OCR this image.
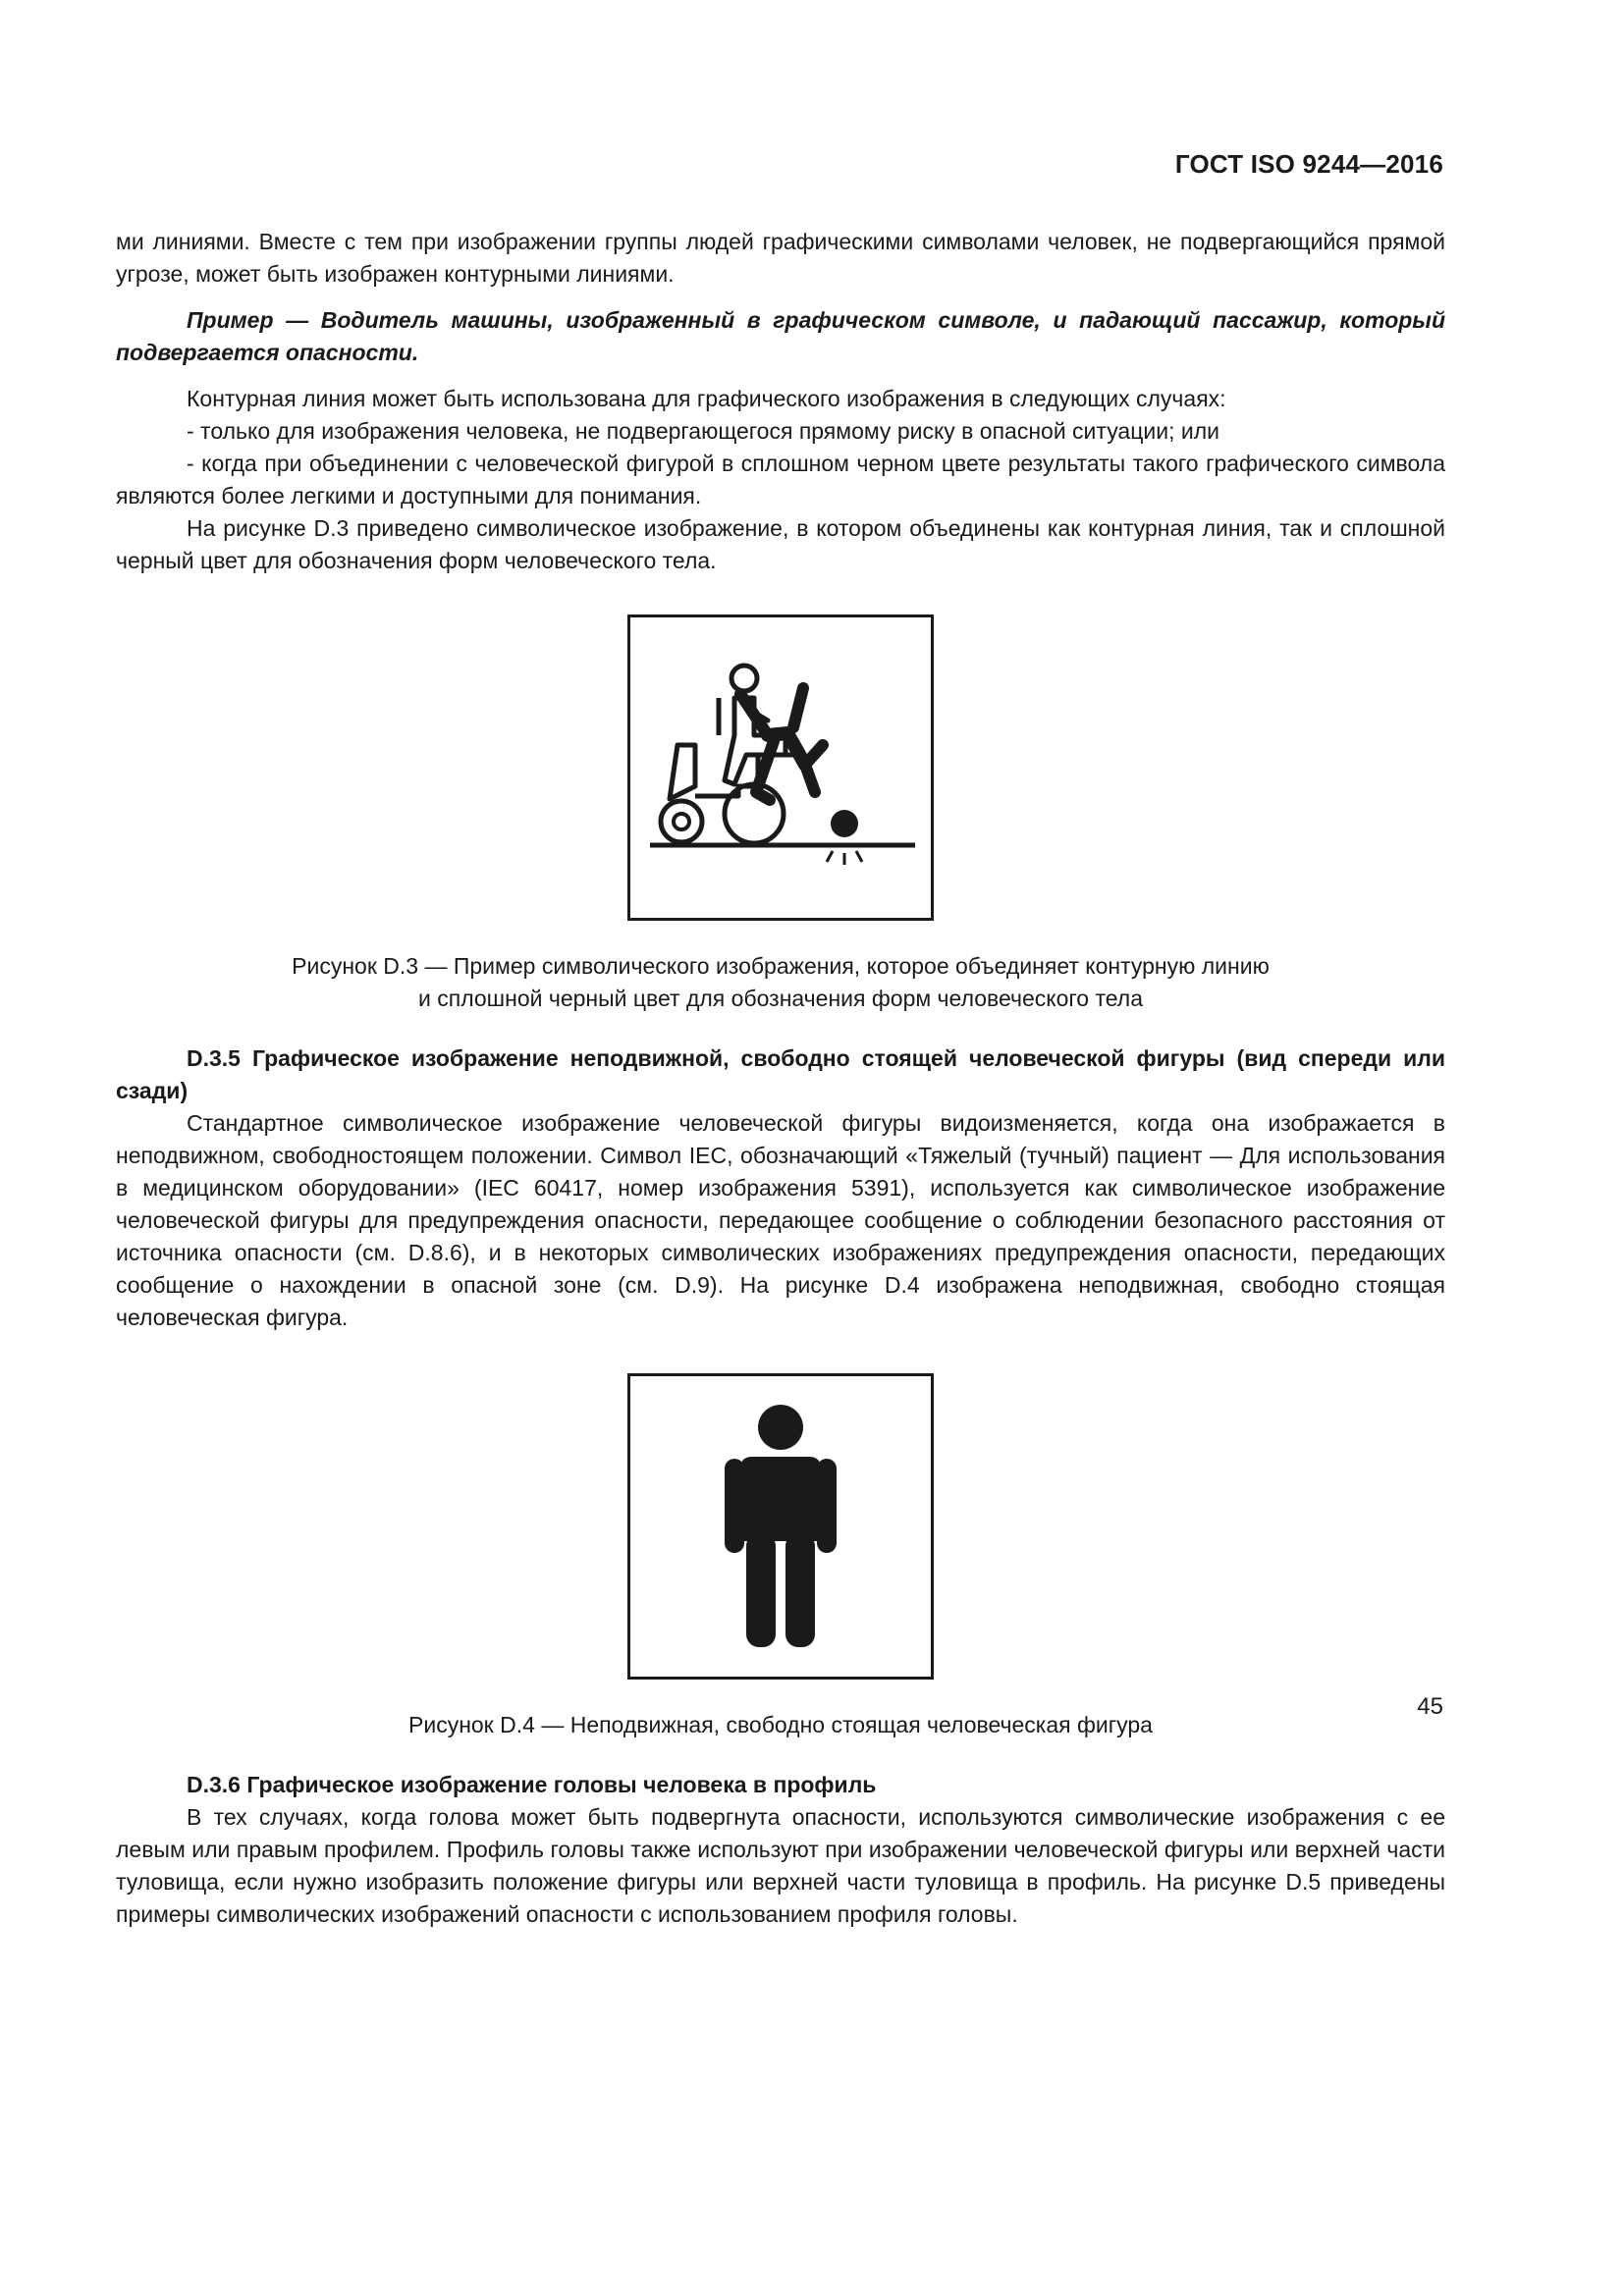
ГОСТ ISO 9244—2016

ми линиями. Вместе с тем при изображении группы людей графическими символами человек, не подвергающийся прямой угрозе, может быть изображен контурными линиями.

Пример — Водитель машины, изображенный в графическом символе, и падающий пассажир, который подвергается опасности.

Контурная линия может быть использована для графического изображения в следующих случаях:

- только для изображения человека, не подвергающегося прямому риску в опасной ситуации; или

- когда при объединении с человеческой фигурой в сплошном черном цвете результаты такого графического символа являются более легкими и доступными для понимания.

На рисунке D.3 приведено символическое изображение, в котором объединены как контурная линия, так и сплошной черный цвет для обозначения форм человеческого тела.

Рисунок D.3 — Пример символического изображения, которое объединяет контурную линию

и сплошной черный цвет для обозначения форм человеческого тела

D.3.5 Графическое изображение неподвижной, свободно стоящей человеческой фигуры (вид спереди или сзади)

Стандартное символическое изображение человеческой фигуры видоизменяется, когда она изображается в неподвижном, свободностоящем положении. Символ IEC, обозначающий «Тяжелый (тучный) пациент — Для использования в медицинском оборудовании» (IEC 60417, номер изображения 5391), используется как символическое изображение человеческой фигуры для предупреждения опасности, передающее сообщение о соблюдении безопасного расстояния от источника опасности (см. D.8.6), и в некоторых символических изображениях предупреждения опасности, передающих сообщение о нахождении в опасной зоне (см. D.9). На рисунке D.4 изображена неподвижная, свободно стоящая человеческая фигура.

Рисунок D.4 — Неподвижная, свободно стоящая человеческая фигура

D.3.6 Графическое изображение головы человека в профиль

В тех случаях, когда голова может быть подвергнута опасности, используются символические изображения с ее левым или правым профилем. Профиль головы также используют при изображении человеческой фигуры или верхней части туловища, если нужно изобразить положение фигуры или верхней части туловища в профиль. На рисунке D.5 приведены примеры символических изображений опасности с использованием профиля головы.

45
